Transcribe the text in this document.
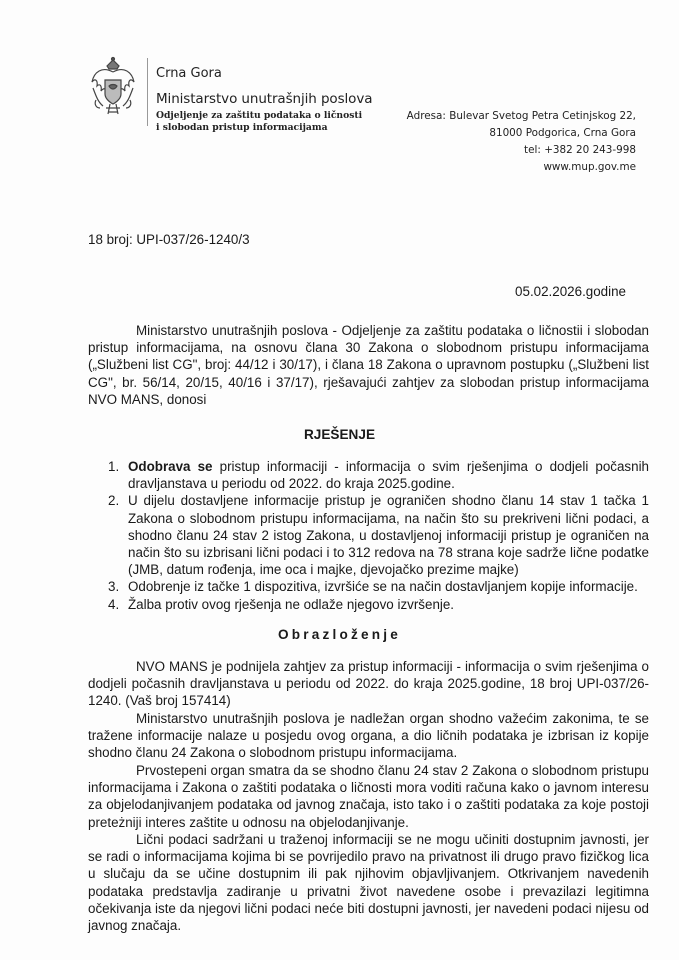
Crna Gora
Ministarstvo unutrašnjih poslova
Odjeljenje za zaštitu podataka o ličnosti
i slobodan pristup informacijama
Adresa: Bulevar Svetog Petra Cetinjskog 22,
81000 Podgorica, Crna Gora
tel: +382 20 243-998
www.mup.gov.me
18 broj: UPI-037/26-1240/3
05.02.2026.godine

Ministarstvo unutrašnjih poslova - Odjeljenje za zaštitu podataka o ličnostii i slobodan pristup informacijama, na osnovu člana 30 Zakona o slobodnom pristupu informacijama („Službeni list CG", broj: 44/12 i 30/17), i člana 18 Zakona o upravnom postupku („Službeni list CG", br. 56/14, 20/15, 40/16 i 37/17), rješavajući zahtjev za slobodan pristup informacijama NVO MANS, donosi

RJEŠENJE
1. Odobrava se pristup informaciji - informacija o svim rješenjima o dodjeli počasnih dravljanstava u periodu od 2022. do kraja 2025.godine.
2. U dijelu dostavljene informacije pristup je ograničen shodno članu 14 stav 1 tačka 1 Zakona o slobodnom pristupu informacijama, na način što su prekriveni lični podaci, a shodno članu 24 stav 2 istog Zakona, u dostavljenoj informaciji pristup je ograničen na način što su izbrisani lični podaci i to 312 redova na 78 strana koje sadrže lične podatke (JMB, datum rođenja, ime oca i majke, djevojačko prezime majke)
3. Odobrenje iz tačke 1 dispozitiva, izvršiće se na način dostavljanjem kopije informacije.
4. Žalba protiv ovog rješenja ne odlaže njegovo izvršenje.
Obrazloženje

NVO MANS je podnijela zahtjev za pristup informaciji - informacija o svim rješenjima o dodjeli počasnih dravljanstava u periodu od 2022. do kraja 2025.godine, 18 broj UPI-037/26-1240. (Vaš broj 157414)

Ministarstvo unutrašnjih poslova je nadležan organ shodno važećim zakonima, te se tražene informacije nalaze u posjedu ovog organa, a dio ličnih podataka je izbrisan iz kopije shodno članu 24 Zakona o slobodnom pristupu informacijama.

Prvostepeni organ smatra da se shodno članu 24 stav 2 Zakona o slobodnom pristupu informacijama i Zakona o zaštiti podataka o ličnosti mora voditi računa kako o javnom interesu za objelodanjivanjem podataka od javnog značaja, isto tako i o zaštiti podataka za koje postoji preteżniji interes zaštite u odnosu na objelodanjivanje.

Lični podaci sadržani u traženoj informaciji se ne mogu učiniti dostupnim javnosti, jer se radi o informacijama kojima bi se povrijedilo pravo na privatnost ili drugo pravo fizičkog lica u slučaju da se učine dostupnim ili pak njihovim objavljivanjem. Otkrivanjem navedenih podataka predstavlja zadiranje u privatni život navedene osobe i prevazilazi legitimna očekivanja iste da njegovi lični podaci neće biti dostupni javnosti, jer navedeni podaci nijesu od javnog značaja.
